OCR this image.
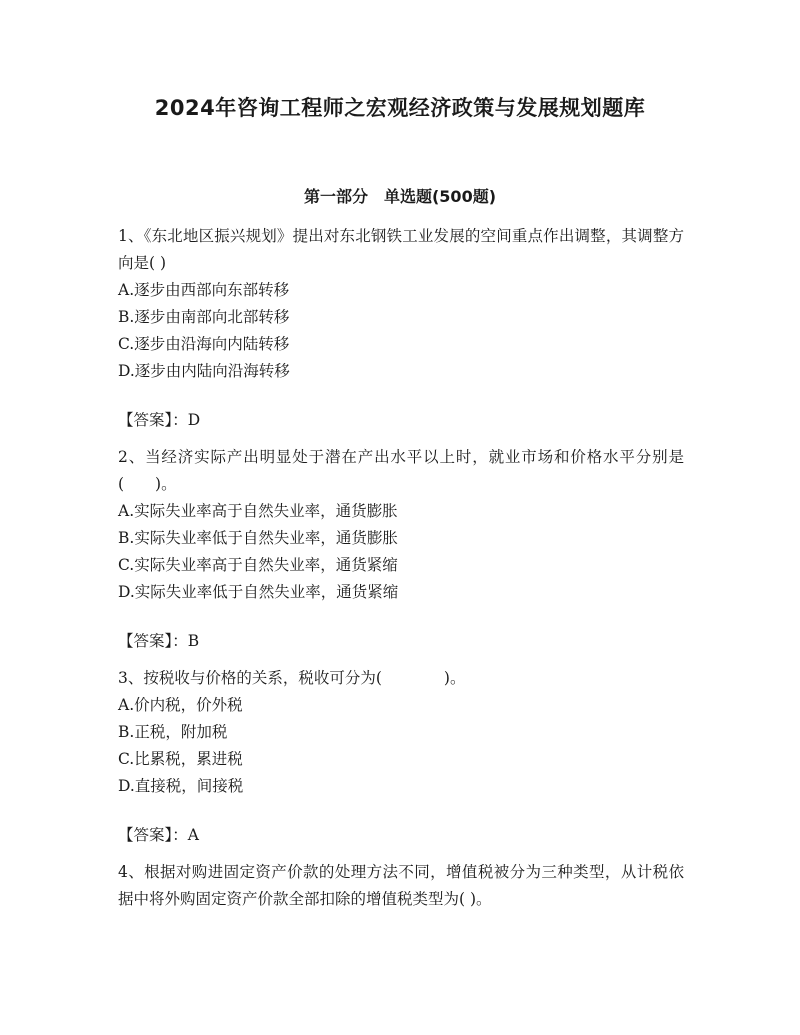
2024年咨询工程师之宏观经济政策与发展规划题库
第一部分　单选题(500题)

1、《东北地区振兴规划》提出对东北钢铁工业发展的空间重点作出调整，其调整方向是( )

A.逐步由西部向东部转移
B.逐步由南部向北部转移
C.逐步由沿海向内陆转移
D.逐步由内陆向沿海转移

【答案】：D

2、当经济实际产出明显处于潜在产出水平以上时，就业市场和价格水平分别是(　　)。

A.实际失业率高于自然失业率，通货膨胀
B.实际失业率低于自然失业率，通货膨胀
C.实际失业率高于自然失业率，通货紧缩
D.实际失业率低于自然失业率，通货紧缩

【答案】：B

3、按税收与价格的关系，税收可分为(　　　　)。

A.价内税，价外税
B.正税，附加税
C.比累税，累进税
D.直接税，间接税

【答案】：A

4、根据对购进固定资产价款的处理方法不同，增值税被分为三种类型，从计税依据中将外购固定资产价款全部扣除的增值税类型为( )。
